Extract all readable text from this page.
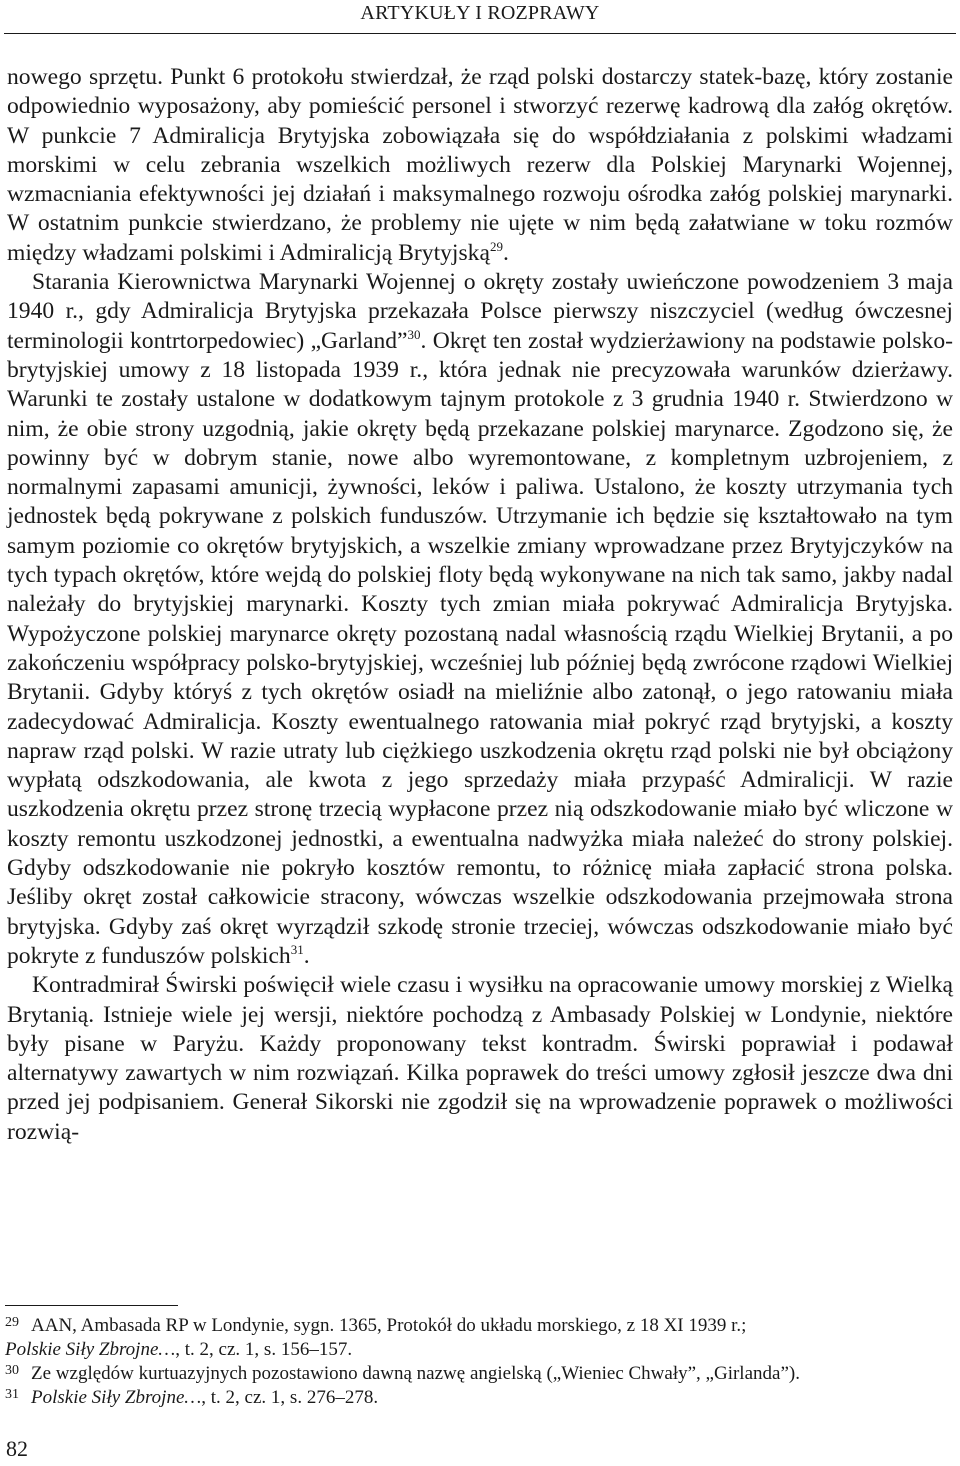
ARTYKUŁY I ROZPRAWY

nowego sprzętu. Punkt 6 protokołu stwierdzał, że rząd polski dostarczy statek-bazę, który zostanie odpowiednio wyposażony, aby pomieścić personel i stworzyć rezerwę kadrową dla załóg okrętów. W punkcie 7 Admiralicja Brytyjska zobowiązała się do współdziałania z polskimi władzami morskimi w celu zebrania wszelkich możliwych rezerw dla Polskiej Marynarki Wojennej, wzmacniania efektywności jej działań i maksymalnego rozwoju ośrodka załóg polskiej marynarki. W ostatnim punkcie stwierdzano, że problemy nie ujęte w nim będą załatwiane w toku rozmów między władzami polskimi i Admiralicją Brytyjską$^{29}$.

Starania Kierownictwa Marynarki Wojennej o okręty zostały uwieńczone powodzeniem 3 maja 1940 r., gdy Admiralicja Brytyjska przekazała Polsce pierwszy niszczyciel (według ówczesnej terminologii kontrtorpedowiec) „Garland”$^{30}$. Okręt ten został wydzierżawiony na podstawie polsko-brytyjskiej umowy z 18 listopada 1939 r., która jednak nie precyzowała warunków dzierżawy. Warunki te zostały ustalone w dodatkowym tajnym protokole z 3 grudnia 1940 r. Stwierdzono w nim, że obie strony uzgodnią, jakie okręty będą przekazane polskiej marynarce. Zgodzono się, że powinny być w dobrym stanie, nowe albo wyremontowane, z kompletnym uzbrojeniem, z normalnymi zapasami amunicji, żywności, leków i paliwa. Ustalono, że koszty utrzymania tych jednostek będą pokrywane z polskich funduszów. Utrzymanie ich będzie się kształtowało na tym samym poziomie co okrętów brytyjskich, a wszelkie zmiany wprowadzane przez Brytyjczyków na tych typach okrętów, które wejdą do polskiej floty będą wykonywane na nich tak samo, jakby nadal należały do brytyjskiej marynarki. Koszty tych zmian miała pokrywać Admiralicja Brytyjska. Wypożyczone polskiej marynarce okręty pozostaną nadal własnością rządu Wielkiej Brytanii, a po zakończeniu współpracy polsko-brytyjskiej, wcześniej lub później będą zwrócone rządowi Wielkiej Brytanii. Gdyby któryś z tych okrętów osiadł na mieliźnie albo zatonął, o jego ratowaniu miała zadecydować Admiralicja. Koszty ewentualnego ratowania miał pokryć rząd brytyjski, a koszty napraw rząd polski. W razie utraty lub ciężkiego uszkodzenia okrętu rząd polski nie był obciążony wypłatą odszkodowania, ale kwota z jego sprzedaży miała przypaść Admiralicji. W razie uszkodzenia okrętu przez stronę trzecią wypłacone przez nią odszkodowanie miało być wliczone w koszty remontu uszkodzonej jednostki, a ewentualna nadwyżka miała należeć do strony polskiej. Gdyby odszkodowanie nie pokryło kosztów remontu, to różnicę miała zapłacić strona polska. Jeśliby okręt został całkowicie stracony, wówczas wszelkie odszkodowania przejmowała strona brytyjska. Gdyby zaś okręt wyrządził szkodę stronie trzeciej, wówczas odszkodowanie miało być pokryte z funduszów polskich$^{31}$.

Kontradmirał Świrski poświęcił wiele czasu i wysiłku na opracowanie umowy morskiej z Wielką Brytanią. Istnieje wiele jej wersji, niektóre pochodzą z Ambasady Polskiej w Londynie, niektóre były pisane w Paryżu. Każdy proponowany tekst kontradm. Świrski poprawiał i podawał alternatywy zawartych w nim rozwiązań. Kilka poprawek do treści umowy zgłosił jeszcze dwa dni przed jej podpisaniem. Generał Sikorski nie zgodził się na wprowadzenie poprawek o możliwości rozwią-

29 AAN, Ambasada RP w Londynie, sygn. 1365, Protokół do układu morskiego, z 18 XI 1939 r.;
Polskie Siły Zbrojne…, t. 2, cz. 1, s. 156–157.
30 Ze względów kurtuazyjnych pozostawiono dawną nazwę angielską („Wieniec Chwały”, „Girlanda”).
31 Polskie Siły Zbrojne…, t. 2, cz. 1, s. 276–278.
82
